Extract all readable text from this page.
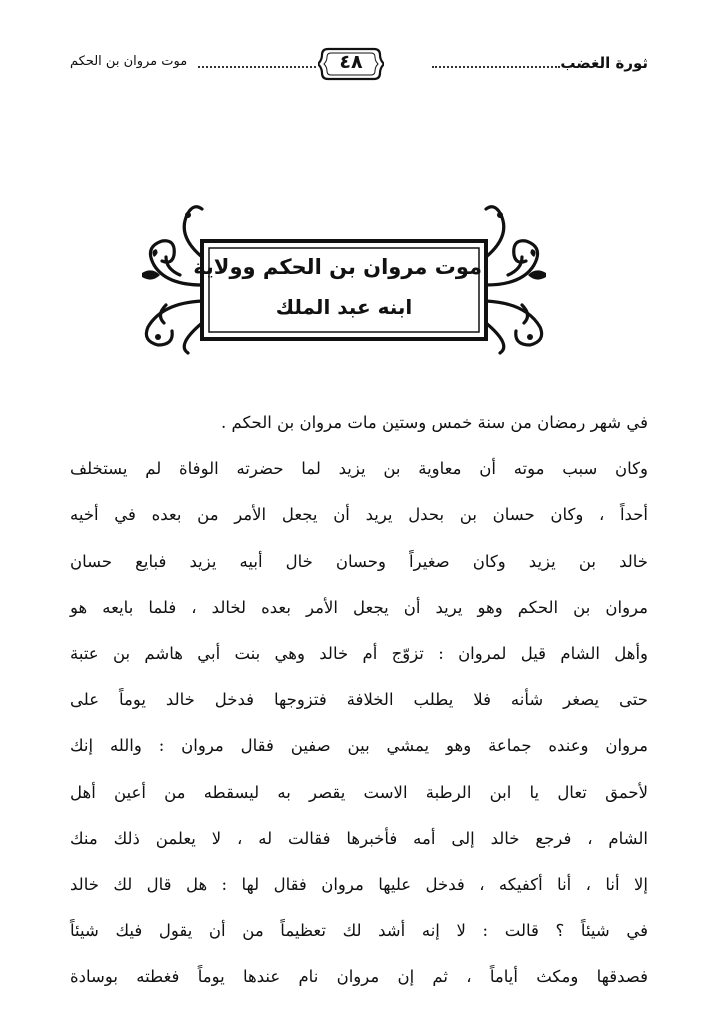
ثورة الغضب
٤٨
موت مروان بن الحكم
موت مروان بن الحكم وولاية
ابنه عبد الملك
في شهر رمضان من سنة خمس وستين مات مروان بن الحكم .
وكان سبب موته أن معاوية بن يزيد لما حضرته الوفاة لم يستخلف
أحداً ، وكان حسان بن بحدل يريد أن يجعل الأمر من بعده في أخيه
خالد بن يزيد وكان صغيراً وحسان خال أبيه يزيد فبايع حسان
مروان بن الحكم وهو يريد أن يجعل الأمر بعده لخالد ، فلما بايعه هو
وأهل الشام قيل لمروان : تزوّج أم خالد وهي بنت أبي هاشم بن عتبة
حتى يصغر شأنه فلا يطلب الخلافة فتزوجها فدخل خالد يوماً على
مروان وعنده جماعة وهو يمشي بين صفين فقال مروان : والله إنك
لأحمق تعال يا ابن الرطبة الاست يقصر به ليسقطه من أعين أهل
الشام ، فرجع خالد إلى أمه فأخبرها فقالت له ، لا يعلمن ذلك منك
إلا أنا ، أنا أكفيكه ، فدخل عليها مروان فقال لها : هل قال لك خالد
في شيئاً ؟ قالت : لا إنه أشد لك تعظيماً من أن يقول فيك شيئاً
فصدقها ومكث أياماً ، ثم إن مروان نام عندها يوماً فغطته بوسادة
